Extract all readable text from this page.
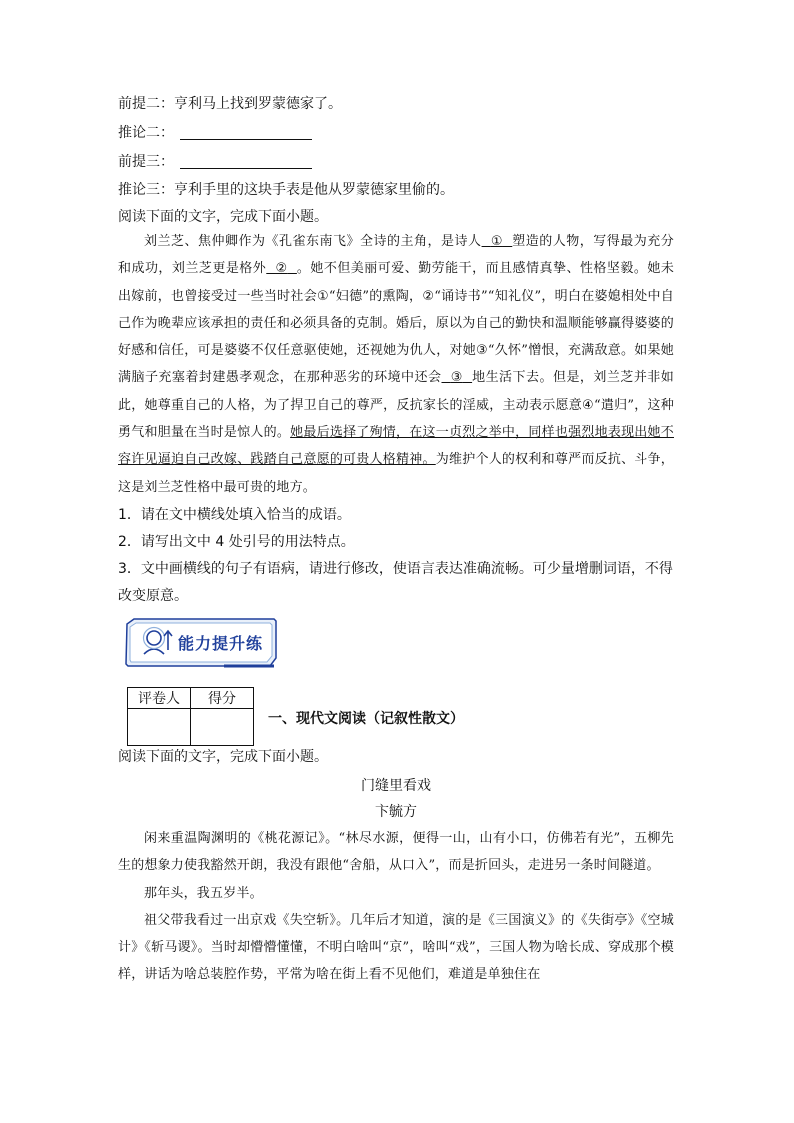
前提二：亨利马上找到罗蒙德家了。
推论二：
前提三：
推论三：亨利手里的这块手表是他从罗蒙德家里偷的。
阅读下面的文字，完成下面小题。

刘兰芝、焦仲卿作为《孔雀东南飞》全诗的主角，是诗人 ① 塑造的人物，写得最为充分和成功，刘兰芝更是格外 ② 。她不但美丽可爱、勤劳能干，而且感情真挚、性格坚毅。她未出嫁前，也曾接受过一些当时社会①“妇德”的熏陶，②“诵诗书”“知礼仪”，明白在婆媳相处中自己作为晚辈应该承担的责任和必须具备的克制。婚后，原以为自己的勤快和温顺能够赢得婆婆的好感和信任，可是婆婆不仅任意驱使她，还视她为仇人，对她③“久怀”憎恨，充满敌意。如果她满脑子充塞着封建愚孝观念，在那种恶劣的环境中还会 ③ 地生活下去。但是，刘兰芝并非如此，她尊重自己的人格，为了捍卫自己的尊严，反抗家长的淫威，主动表示愿意④“遣归”，这种勇气和胆量在当时是惊人的。她最后选择了殉情，在这一贞烈之举中，同样也强烈地表现出她不容许见逼迫自己改嫁、践踏自己意愿的可贵人格精神。为维护个人的权利和尊严而反抗、斗争，这是刘兰芝性格中最可贵的地方。

1．请在文中横线处填入恰当的成语。
2．请写出文中 4 处引号的用法特点。
3．文中画横线的句子有语病，请进行修改，使语言表达准确流畅。可少量增删词语，不得
改变原意。
能力提升练
评卷人	得分

一、现代文阅读（记叙性散文）
阅读下面的文字，完成下面小题。
门缝里看戏
卞毓方

闲来重温陶渊明的《桃花源记》。“林尽水源，便得一山，山有小口，仿佛若有光”，五柳先生的想象力使我豁然开朗，我没有跟他“舍船，从口入”，而是折回头，走进另一条时间隧道。

那年头，我五岁半。

祖父带我看过一出京戏《失空斩》。几年后才知道，演的是《三国演义》的《失街亭》《空城计》《斩马谡》。当时却懵懵懂懂，不明白啥叫“京”，啥叫“戏”，三国人物为啥长成、穿成那个模样，讲话为啥总装腔作势，平常为啥在街上看不见他们，难道是单独住在
